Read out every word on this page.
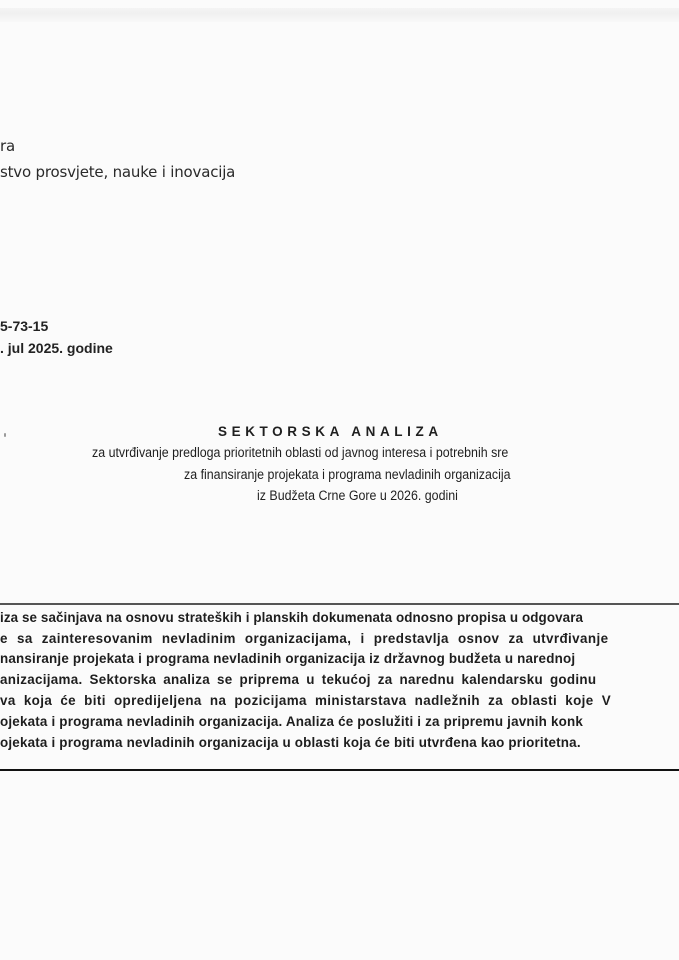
ra
stvo prosvjete, nauke i inovacija
5-73-15
. jul 2025. godine
SEKTORSKA ANALIZA
za utvrđivanje predloga prioritetnih oblasti od javnog interesa i potrebnih sre
za finansiranje projekata i programa nevladinih organizacija
iz Budžeta Crne Gore u 2026. godini
iza se sačinjava na osnovu strateških i planskih dokumenata odnosno propisa u odgovara
e sa zainteresovanim nevladinim organizacijama, i predstavlja osnov za utvrđivanje
nansiranje projekata i programa nevladinih organizacija iz državnog budžeta u narednoj
anizacijama. Sektorska analiza se priprema u tekućoj za narednu kalendarsku godinu
va koja će biti opredijeljena na pozicijama ministarstava nadležnih za oblasti koje V
ojekata i programa nevladinih organizacija. Analiza će poslužiti i za pripremu javnih konk
ojekata i programa nevladinih organizacija u oblasti koja će biti utvrđena kao prioritetna.
